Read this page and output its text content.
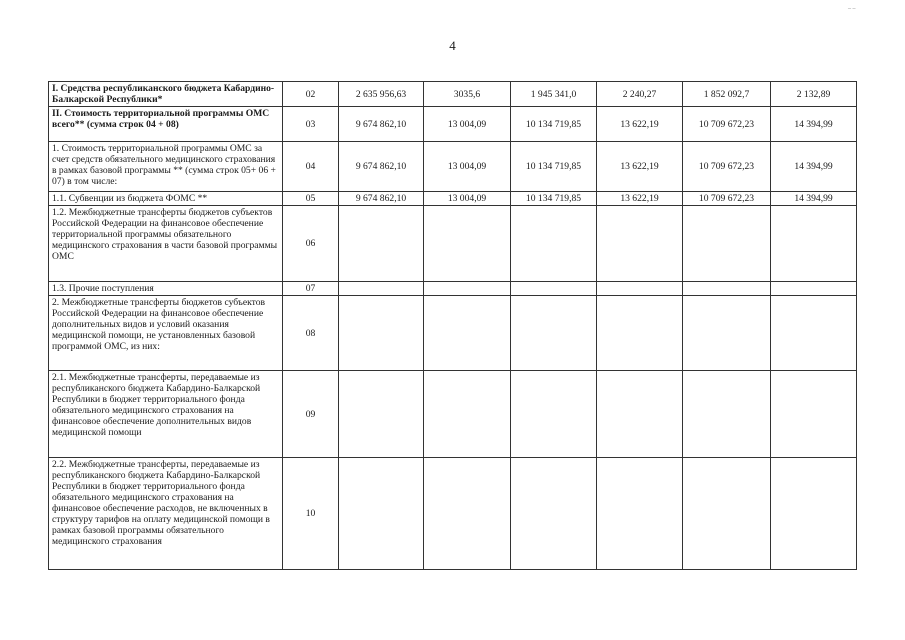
4
I. Средства республиканского бюджета Кабардино-Балкарской Республики*	02	2 635 956,63	3035,6	1 945 341,0	2 240,27	1 852 092,7	2 132,89
II. Стоимость территориальной программы ОМС всего** (сумма строк 04 + 08)	03	9 674 862,10	13 004,09	10 134 719,85	13 622,19	10 709 672,23	14 394,99
1. Стоимость территориальной программы ОМС за счет средств обязательного медицинского страхования в рамках базовой программы ** (сумма строк 05+ 06 + 07) в том числе:	04	9 674 862,10	13 004,09	10 134 719,85	13 622,19	10 709 672,23	14 394,99
1.1. Субвенции из бюджета ФОМС **	05	9 674 862,10	13 004,09	10 134 719,85	13 622,19	10 709 672,23	14 394,99
1.2. Межбюджетные трансферты бюджетов субъектов Российской Федерации на финансовое обеспечение территориальной программы обязательного медицинского страхования в части базовой программы ОМС	06						
1.3. Прочие поступления	07						
2. Межбюджетные трансферты бюджетов субъектов Российской Федерации на финансовое обеспечение дополнительных видов и условий оказания медицинской помощи, не установленных базовой программой ОМС, из них:	08						
2.1. Межбюджетные трансферты, передаваемые из республиканского бюджета Кабардино-Балкарской Республики в бюджет территориального фонда обязательного медицинского страхования на финансовое обеспечение дополнительных видов медицинской помощи	09						
2.2. Межбюджетные трансферты, передаваемые из республиканского бюджета Кабардино-Балкарской Республики в бюджет территориального фонда обязательного медицинского страхования на финансовое обеспечение расходов, не включенных в структуру тарифов на оплату медицинской помощи в рамках базовой программы обязательного медицинского страхования	10						
‒ ‒
